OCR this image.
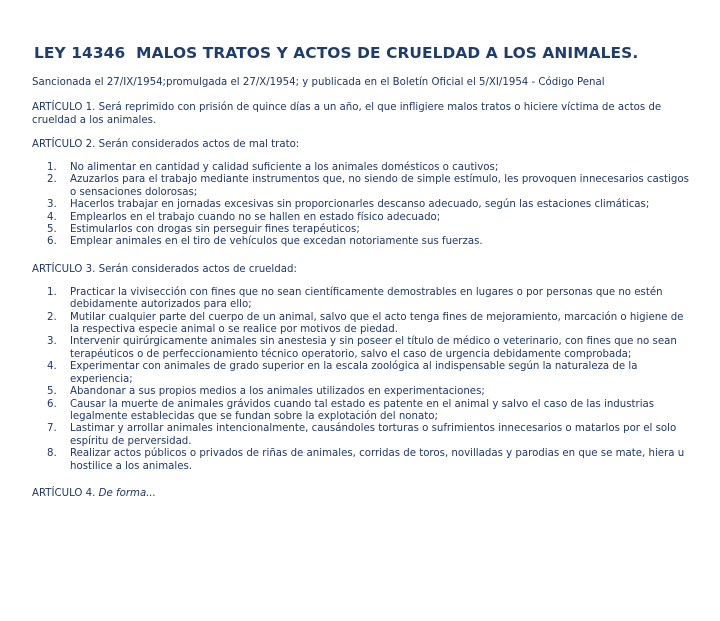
LEY 14346  MALOS TRATOS Y ACTOS DE CRUELDAD A LOS ANIMALES.
Sancionada el 27/IX/1954;promulgada el 27/X/1954; y publicada en el Boletín Oficial el 5/XI/1954 - Código Penal

ARTÍCULO 1. Será reprimido con prisión de quince días a un año, el que infligiere malos tratos o hiciere víctima de actos de crueldad a los animales.

ARTÍCULO 2. Serán considerados actos de mal trato:

1. No alimentar en cantidad y calidad suficiente a los animales domésticos o cautivos;
2. Azuzarlos para el trabajo mediante instrumentos que, no siendo de simple estímulo, les provoquen innecesarios castigos o sensaciones dolorosas;
3. Hacerlos trabajar en jornadas excesivas sin proporcionarles descanso adecuado, según las estaciones climáticas;
4. Emplearlos en el trabajo cuando no se hallen en estado físico adecuado;
5. Estimularlos con drogas sin perseguir fines terapéuticos;
6. Emplear animales en el tiro de vehículos que excedan notoriamente sus fuerzas.

ARTÍCULO 3. Serán considerados actos de crueldad:

1. Practicar la vivisección con fines que no sean científicamente demostrables en lugares o por personas que no estén debidamente autorizados para ello;
2. Mutilar cualquier parte del cuerpo de un animal, salvo que el acto tenga fines de mejoramiento, marcación o higiene de la respectiva especie animal o se realice por motivos de piedad.
3. Intervenir quirúrgicamente animales sin anestesia y sin poseer el título de médico o veterinario, con fines que no sean terapéuticos o de perfeccionamiento técnico operatorio, salvo el caso de urgencia debidamente comprobada;
4. Experimentar con animales de grado superior en la escala zoológica al indispensable según la naturaleza de la experiencia;
5. Abandonar a sus propios medios a los animales utilizados en experimentaciones;
6. Causar la muerte de animales grávidos cuando tal estado es patente en el animal y salvo el caso de las industrias legalmente establecidas que se fundan sobre la explotación del nonato;
7. Lastimar y arrollar animales intencionalmente, causándoles torturas o sufrimientos innecesarios o matarlos por el solo espíritu de perversidad.
8. Realizar actos públicos o privados de riñas de animales, corridas de toros, novilladas y parodias en que se mate, hiera u hostilice a los animales.

ARTÍCULO 4. De forma...
